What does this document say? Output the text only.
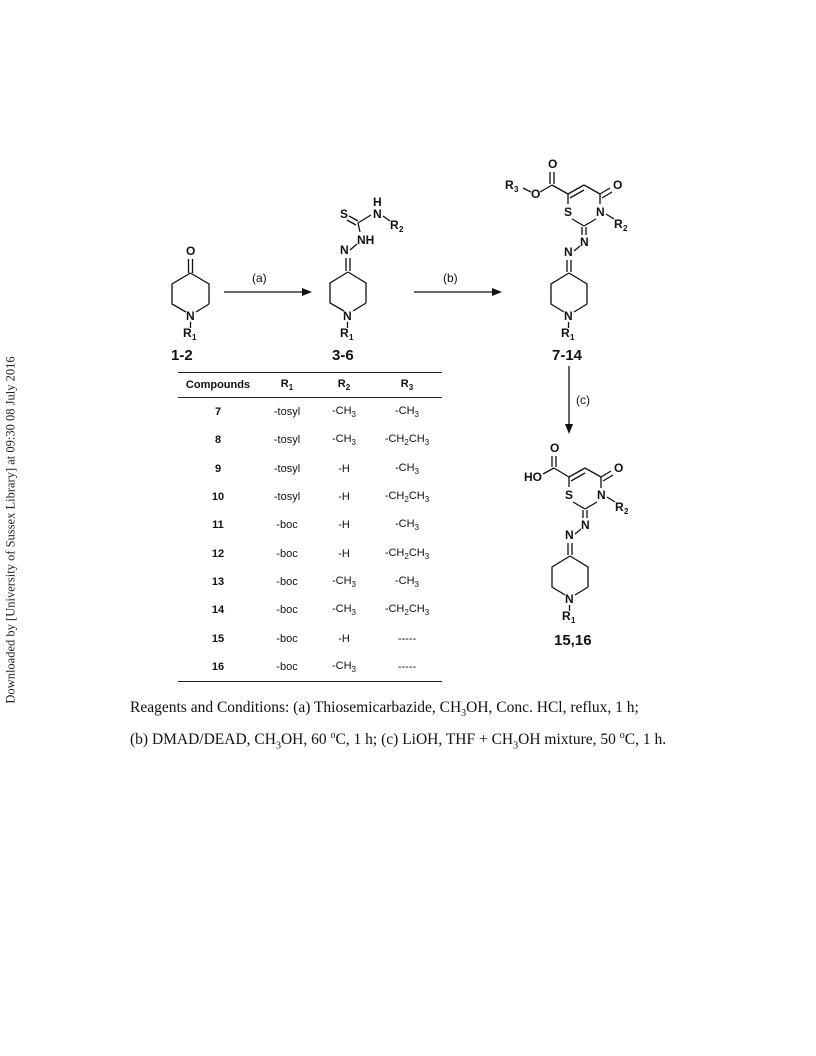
Downloaded by [University of Sussex Library] at 09:30 08 July 2016
O
N
R 1
1-2
(a)
H
N
R 2
S
NH
N
N
R 1
3-6
(b)
O
O
R 3	O
N
R 2
S
N
N
N
R 1
7-14
(c)
O
HO
O
N
R 2
S
N
N
N
R 1
15,16
Compounds	$R_1$	$R_2$	$R_3$
7	-tosyl	$-CH_3$	$-CH_3$
8	-tosyl	$-CH_3$	$-CH_2CH_3$
9	-tosyl	-H	$-CH_3$
10	-tosyl	-H	$-CH_2CH_3$
11	-boc	-H	$-CH_3$
12	-boc	-H	$-CH_2CH_3$
13	-boc	$-CH_3$	$-CH_3$
14	-boc	$-CH_3$	$-CH_2CH_3$
15	-boc	-H	-----
16	-boc	$-CH_3$	-----
Reagents and Conditions: (a) Thiosemicarbazide, $CH_3OH$, Conc. HCl, reflux, 1 h;
(b) DMAD/DEAD, $CH_3OH$, 60 $^o$C, 1 h; (c) LiOH, THF + $CH_3OH$ mixture, 50 $^o$C, 1 h.
